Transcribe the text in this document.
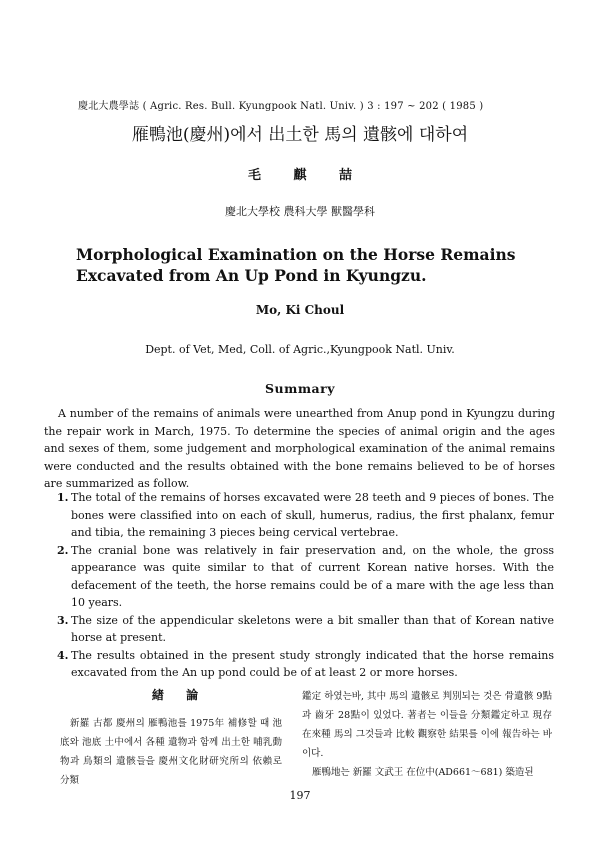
慶北大農學誌 ( Agric. Res. Bull. Kyungpook Natl. Univ. ) 3 : 197 ~ 202 ( 1985 )
雁鴨池(慶州)에서 出土한 馬의 遺骸에 대하여
毛 麒 喆
慶北大學校 農科大學 獸醫學科
Morphological Examination on the Horse Remains Excavated from An Up Pond in Kyungzu.
Mo, Ki Choul
Dept. of Vet, Med, Coll. of Agric.,Kyungpook Natl. Univ.
Summary

A number of the remains of animals were unearthed from Anup pond in Kyungzu during the repair work in March, 1975. To determine the species of animal origin and the ages and sexes of them, some judgement and morphological examination of the animal remains were conducted and the results obtained with the bone remains believed to be of horses are summarized as follow.

1. The total of the remains of horses excavated were 28 teeth and 9 pieces of bones. The bones were classified into on each of skull, humerus, radius, the first phalanx, femur and tibia, the remaining 3 pieces being cervical vertebrae.
2. The cranial bone was relatively in fair preservation and, on the whole, the gross appearance was quite similar to that of current Korean native horses. With the defacement of the teeth, the horse remains could be of a mare with the age less than 10 years.
3. The size of the appendicular skeletons were a bit smaller than that of Korean native horse at present.
4. The results obtained in the present study strongly indicated that the horse remains excavated from the An up pond could be of at least 2 or more horses.
緖 論

新羅 古都 慶州의 雁鴨池를 1975年 補修할 때 池底와 池底 土中에서 各種 遺物과 함께 出土한 哺乳動物과 鳥類의 遺骸들을 慶州文化財研究所의 依賴로 分類

鑑定 하였는바, 其中 馬의 遺骸로 判別되는 것은 骨遺骸 9點과 齒牙 28點이 있었다. 著者는 이들을 分類鑑定하고 現存 在來種 馬의 그것들과 比較 觀察한 結果를 이에 報告하는 바이다.

雁鴨地는 新羅 文武王 在位中(AD661～681) 築造된

197
